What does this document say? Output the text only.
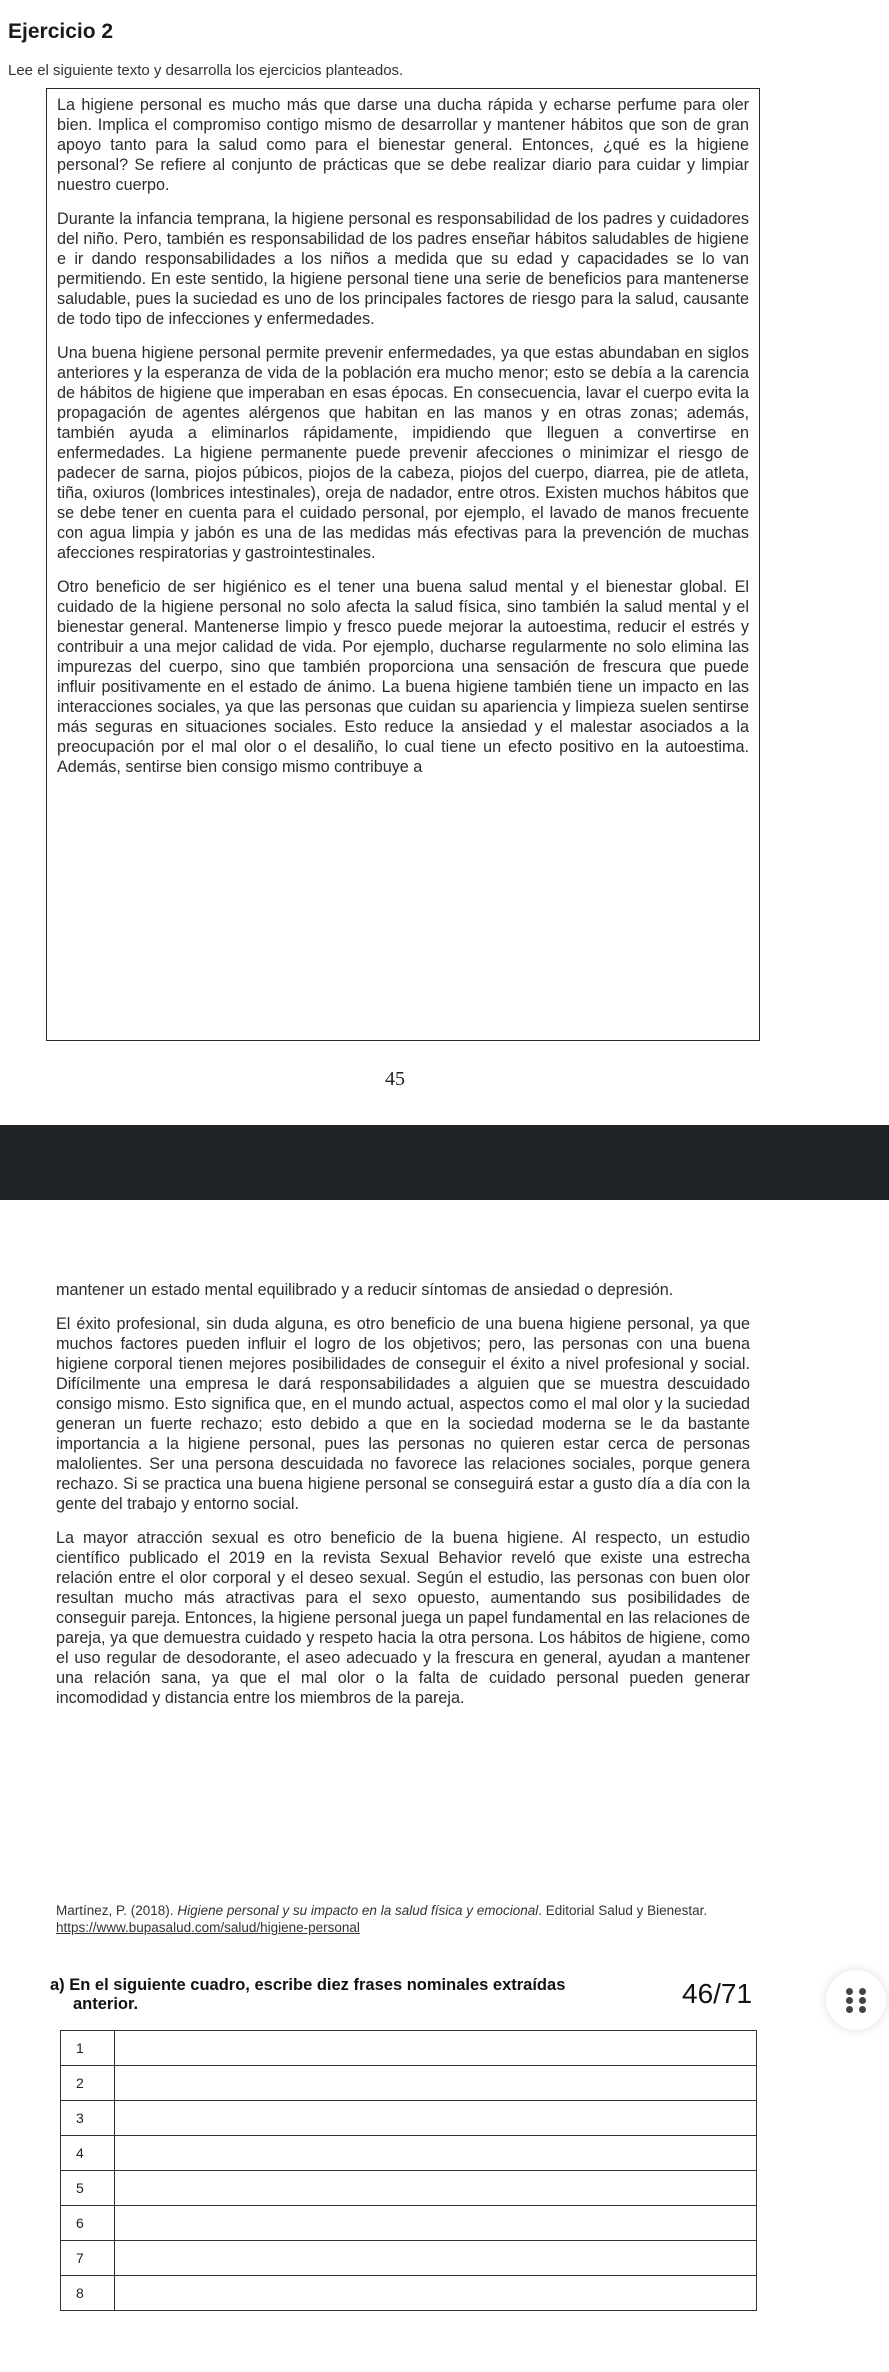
Ejercicio 2
Lee el siguiente texto y desarrolla los ejercicios planteados.

La higiene personal es mucho más que darse una ducha rápida y echarse perfume para oler bien. Implica el compromiso contigo mismo de desarrollar y mantener hábitos que son de gran apoyo tanto para la salud como para el bienestar general. Entonces, ¿qué es la higiene personal? Se refiere al conjunto de prácticas que se debe realizar diario para cuidar y limpiar nuestro cuerpo.

Durante la infancia temprana, la higiene personal es responsabilidad de los padres y cuidadores del niño. Pero, también es responsabilidad de los padres enseñar hábitos saludables de higiene e ir dando responsabilidades a los niños a medida que su edad y capacidades se lo van permitiendo. En este sentido, la higiene personal tiene una serie de beneficios para mantenerse saludable, pues la suciedad es uno de los principales factores de riesgo para la salud, causante de todo tipo de infecciones y enfermedades.

Una buena higiene personal permite prevenir enfermedades, ya que estas abundaban en siglos anteriores y la esperanza de vida de la población era mucho menor; esto se debía a la carencia de hábitos de higiene que imperaban en esas épocas. En consecuencia, lavar el cuerpo evita la propagación de agentes alérgenos que habitan en las manos y en otras zonas; además, también ayuda a eliminarlos rápidamente, impidiendo que lleguen a convertirse en enfermedades. La higiene permanente puede prevenir afecciones o minimizar el riesgo de padecer de sarna, piojos púbicos, piojos de la cabeza, piojos del cuerpo, diarrea, pie de atleta, tiña, oxiuros (lombrices intestinales), oreja de nadador, entre otros. Existen muchos hábitos que se debe tener en cuenta para el cuidado personal, por ejemplo, el lavado de manos frecuente con agua limpia y jabón es una de las medidas más efectivas para la prevención de muchas afecciones respiratorias y gastrointestinales.

Otro beneficio de ser higiénico es el tener una buena salud mental y el bienestar global. El cuidado de la higiene personal no solo afecta la salud física, sino también la salud mental y el bienestar general. Mantenerse limpio y fresco puede mejorar la autoestima, reducir el estrés y contribuir a una mejor calidad de vida. Por ejemplo, ducharse regularmente no solo elimina las impurezas del cuerpo, sino que también proporciona una sensación de frescura que puede influir positivamente en el estado de ánimo. La buena higiene también tiene un impacto en las interacciones sociales, ya que las personas que cuidan su apariencia y limpieza suelen sentirse más seguras en situaciones sociales. Esto reduce la ansiedad y el malestar asociados a la preocupación por el mal olor o el desaliño, lo cual tiene un efecto positivo en la autoestima. Además, sentirse bien consigo mismo contribuye a

45

mantener un estado mental equilibrado y a reducir síntomas de ansiedad o depresión.

El éxito profesional, sin duda alguna, es otro beneficio de una buena higiene personal, ya que muchos factores pueden influir el logro de los objetivos; pero, las personas con una buena higiene corporal tienen mejores posibilidades de conseguir el éxito a nivel profesional y social. Difícilmente una empresa le dará responsabilidades a alguien que se muestra descuidado consigo mismo. Esto significa que, en el mundo actual, aspectos como el mal olor y la suciedad generan un fuerte rechazo; esto debido a que en la sociedad moderna se le da bastante importancia a la higiene personal, pues las personas no quieren estar cerca de personas malolientes. Ser una persona descuidada no favorece las relaciones sociales, porque genera rechazo. Si se practica una buena higiene personal se conseguirá estar a gusto día a día con la gente del trabajo y entorno social.

La mayor atracción sexual es otro beneficio de la buena higiene. Al respecto, un estudio científico publicado el 2019 en la revista Sexual Behavior reveló que existe una estrecha relación entre el olor corporal y el deseo sexual. Según el estudio, las personas con buen olor resultan mucho más atractivas para el sexo opuesto, aumentando sus posibilidades de conseguir pareja. Entonces, la higiene personal juega un papel fundamental en las relaciones de pareja, ya que demuestra cuidado y respeto hacia la otra persona. Los hábitos de higiene, como el uso regular de desodorante, el aseo adecuado y la frescura en general, ayudan a mantener una relación sana, ya que el mal olor o la falta de cuidado personal pueden generar incomodidad y distancia entre los miembros de la pareja.

Martínez, P. (2018). Higiene personal y su impacto en la salud física y emocional. Editorial Salud y Bienestar. https://www.bupasalud.com/salud/higiene-personal
a) En el siguiente cuadro, escribe diez frases nominales extraídas
anterior.	46/71
1	
2	
3	
4	
5	
6	
7	
8	
